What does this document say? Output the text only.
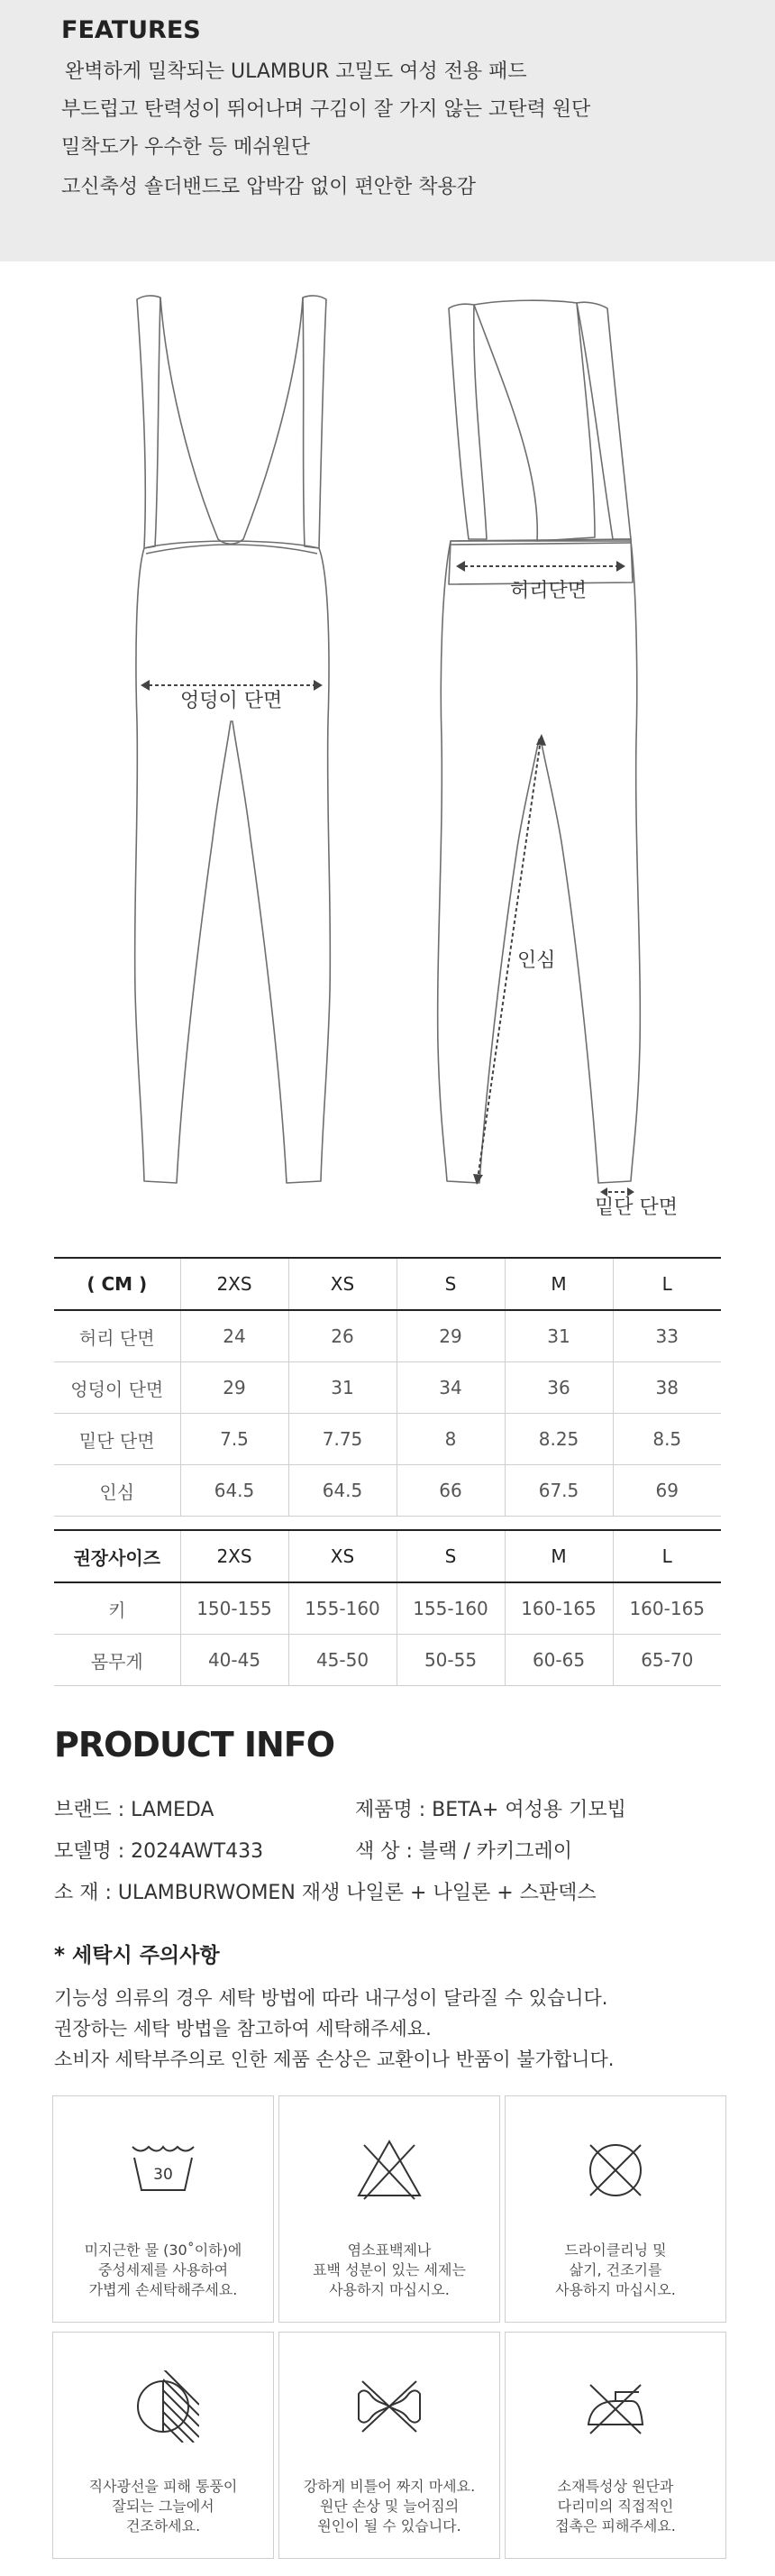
FEATURES
완벽하게 밀착되는 ULAMBUR 고밀도 여성 전용 패드
부드럽고 탄력성이 뛰어나며 구김이 잘 가지 않는 고탄력 원단
밀착도가 우수한 등 메쉬원단
고신축성 숄더밴드로 압박감 없이 편안한 착용감
엉덩이 단면
허리단면
인심
밑단 단면
( CM )	2XS	XS	S	M	L
허리 단면	24	26	29	31	33
엉덩이 단면	29	31	34	36	38
밑단 단면	7.5	7.75	8	8.25	8.5
인심	64.5	64.5	66	67.5	69
권장사이즈	2XS	XS	S	M	L
키	150-155	155-160	155-160	160-165	160-165
몸무게	40-45	45-50	50-55	60-65	65-70
PRODUCT INFO
브랜드 : LAMEDA	제품명 : BETA+ 여성용 기모빕
모델명 : 2024AWT433	색 상 : 블랙 / 카키그레이
소 재 : ULAMBURWOMEN 재생 나일론 + 나일론 + 스판덱스
* 세탁시 주의사항
기능성 의류의 경우 세탁 방법에 따라 내구성이 달라질 수 있습니다.
권장하는 세탁 방법을 참고하여 세탁해주세요.
소비자 세탁부주의로 인한 제품 손상은 교환이나 반품이 불가합니다.
30
미지근한 물 (30˚이하)에
중성세제를 사용하여
가볍게 손세탁해주세요.
염소표백제나
표백 성분이 있는 세제는
사용하지 마십시오.
드라이클리닝 및
삶기, 건조기를
사용하지 마십시오.
직사광선을 피해 통풍이
잘되는 그늘에서
건조하세요.
강하게 비틀어 짜지 마세요.
원단 손상 및 늘어짐의
원인이 될 수 있습니다.
소재특성상 원단과
다리미의 직접적인
접촉은 피해주세요.
